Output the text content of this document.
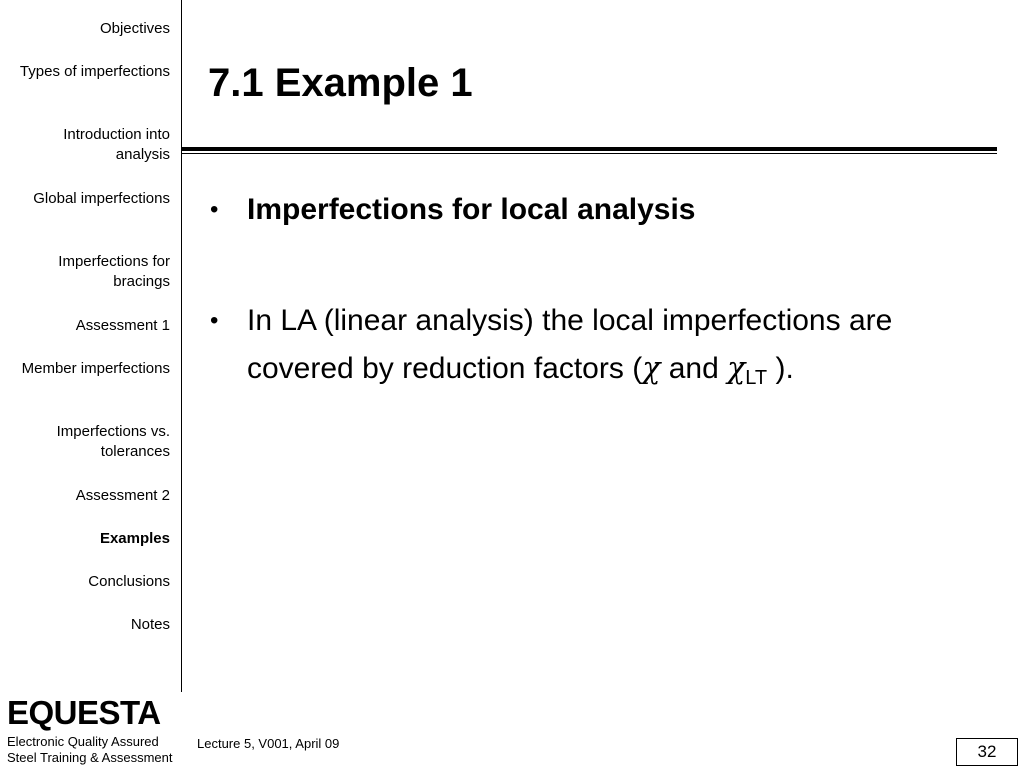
Objectives
Types of imperfections
Introduction into analysis
Global imperfections
Imperfections for bracings
Assessment 1
Member imperfections
Imperfections vs. tolerances
Assessment 2
Examples
Conclusions
Notes
7.1 Example 1
• Imperfections for local analysis
• In LA (linear analysis) the local imperfections are covered by reduction factors (χ and $\chi_{LT}$ ).
EQUESTA
Electronic Quality Assured
Steel Training & Assessment
Lecture 5, V001, April 09	32
